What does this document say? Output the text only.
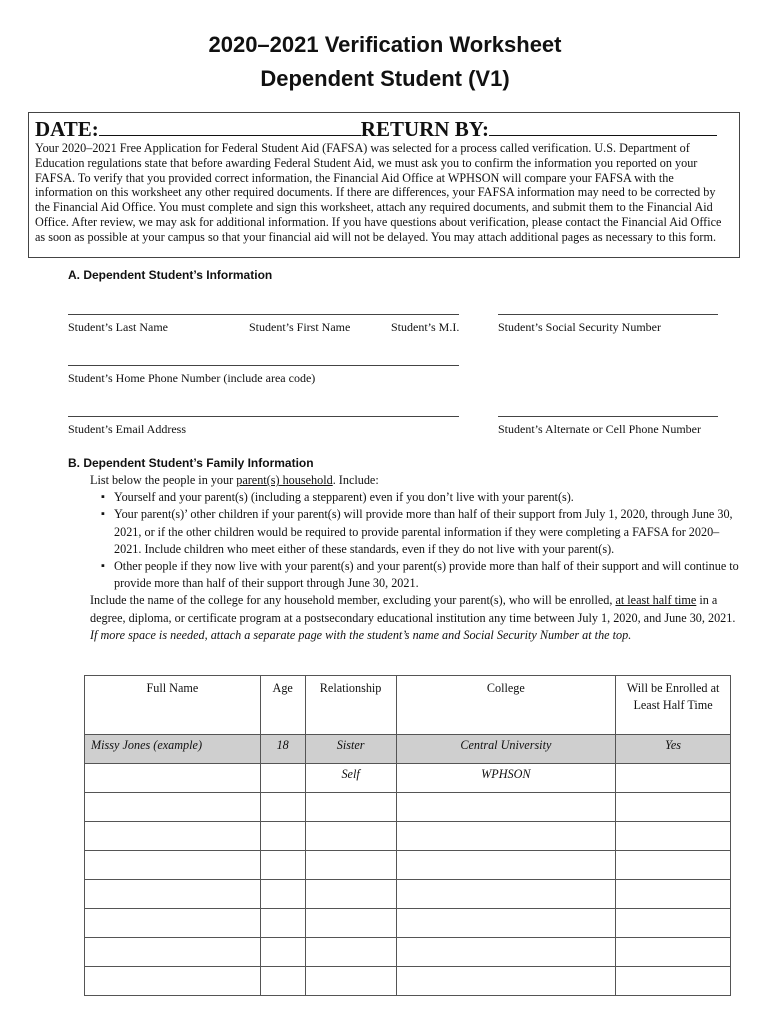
2020–2021 Verification Worksheet
Dependent Student (V1)
DATE:	RETURN BY:
Your 2020–2021 Free Application for Federal Student Aid (FAFSA) was selected for a process called verification. U.S. Department of Education regulations state that before awarding Federal Student Aid, we must ask you to confirm the information you reported on your FAFSA. To verify that you provided correct information, the Financial Aid Office at WPHSON will compare your FAFSA with the information on this worksheet any other required documents. If there are differences, your FAFSA information may need to be corrected by the Financial Aid Office. You must complete and sign this worksheet, attach any required documents, and submit them to the Financial Aid Office. After review, we may ask for additional information. If you have questions about verification, please contact the Financial Aid Office as soon as possible at your campus so that your financial aid will not be delayed. You may attach additional pages as necessary to this form.
A. Dependent Student’s Information
Student’s Last Name	Student’s First Name	Student’s M.I.	Student’s Social Security Number
Student’s Home Phone Number (include area code)
Student’s Email Address	Student’s Alternate or Cell Phone Number
B. Dependent Student’s Family Information

List below the people in your parent(s) household. Include:

▪ Yourself and your parent(s) (including a stepparent) even if you don’t live with your parent(s).
▪ Your parent(s)’ other children if your parent(s) will provide more than half of their support from July 1, 2020, through June 30, 2021, or if the other children would be required to provide parental information if they were completing a FAFSA for 2020–2021. Include children who meet either of these standards, even if they do not live with your parent(s).
▪ Other people if they now live with your parent(s) and your parent(s) provide more than half of their support and will continue to provide more than half of their support through June 30, 2021.

Include the name of the college for any household member, excluding your parent(s), who will be enrolled, at least half time in a degree, diploma, or certificate program at a postsecondary educational institution any time between July 1, 2020, and June 30, 2021. If more space is needed, attach a separate page with the student’s name and Social Security Number at the top.

Full Name	Age	Relationship	College	Will be Enrolled at Least Half Time
Missy Jones (example)	18	Sister	Central University	Yes
		Self	WPHSON	
